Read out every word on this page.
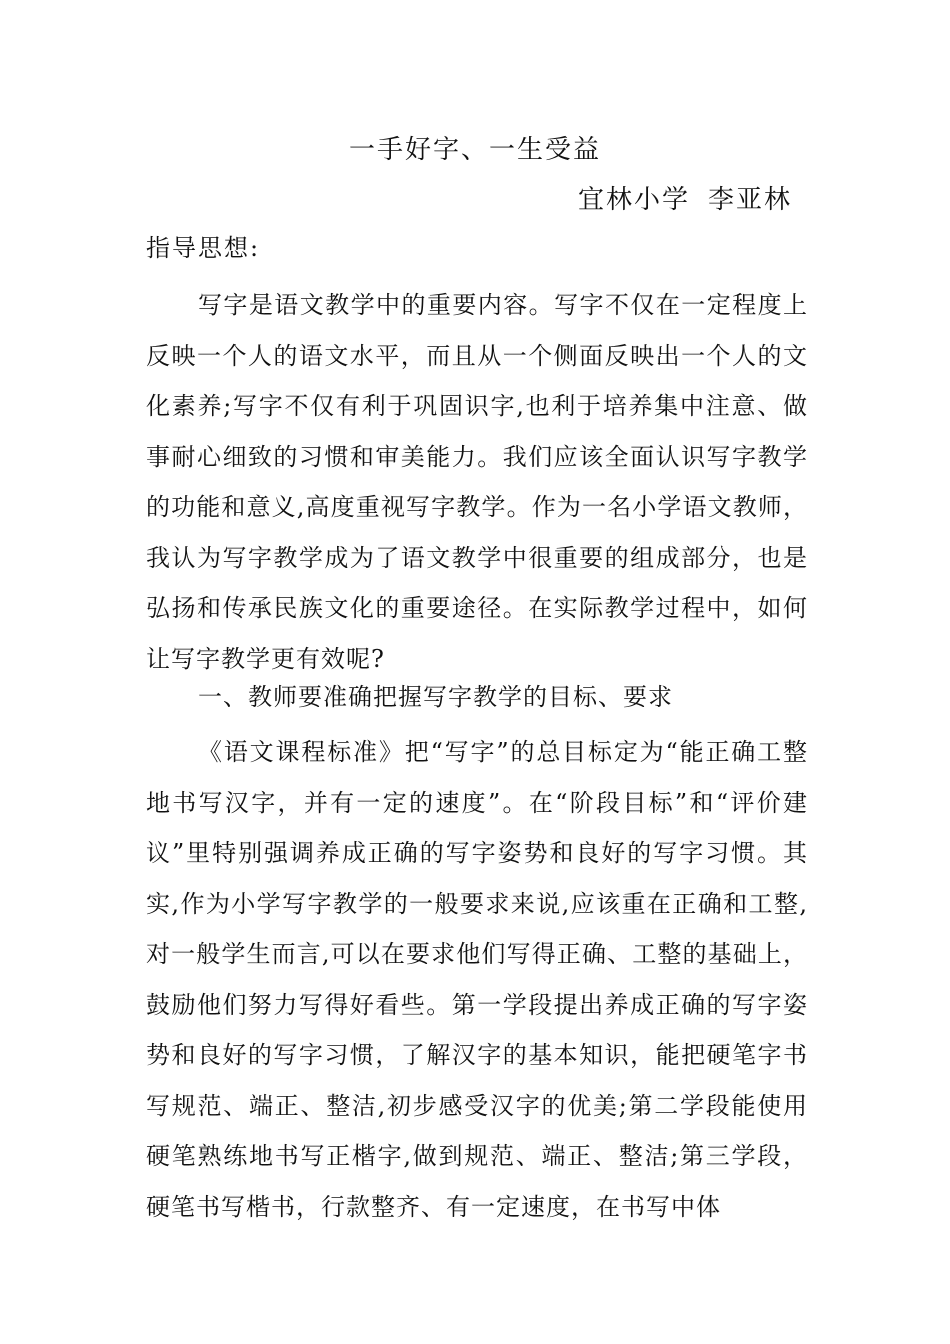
一手好字、一生受益
宜林小学 李亚林
指导思想:

写字是语文教学中的重要内容。写字不仅在一定程度上反映一个人的语文水平，而且从一个侧面反映出一个人的文化素养;写字不仅有利于巩固识字,也利于培养集中注意、做事耐心细致的习惯和审美能力。我们应该全面认识写字教学的功能和意义,高度重视写字教学。作为一名小学语文教师，我认为写字教学成为了语文教学中很重要的组成部分，也是弘扬和传承民族文化的重要途径。在实际教学过程中，如何让写字教学更有效呢?

一、教师要准确把握写字教学的目标、要求

《语文课程标准》把“写字”的总目标定为“能正确工整地书写汉字，并有一定的速度”。在“阶段目标”和“评价建议”里特别强调养成正确的写字姿势和良好的写字习惯。其实,作为小学写字教学的一般要求来说,应该重在正确和工整,对一般学生而言,可以在要求他们写得正确、工整的基础上，鼓励他们努力写得好看些。第一学段提出养成正确的写字姿势和良好的写字习惯，了解汉字的基本知识，能把硬笔字书写规范、端正、整洁,初步感受汉字的优美;第二学段能使用硬笔熟练地书写正楷字,做到规范、端正、整洁;第三学段，硬笔书写楷书，行款整齐、有一定速度，在书写中体
